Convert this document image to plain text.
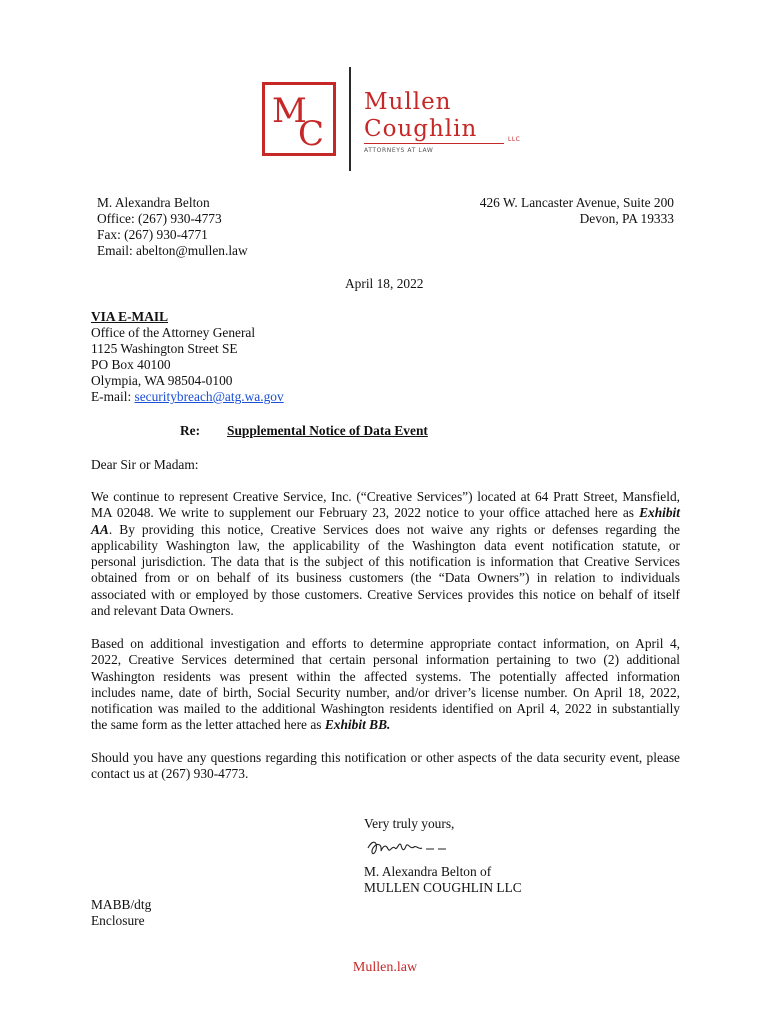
M
C
Mullen
Coughlin	LLC
ATTORNEYS AT LAW
M. Alexandra Belton
Office: (267) 930-4773
Fax: (267) 930-4771
Email: abelton@mullen.law
426 W. Lancaster Avenue, Suite 200
Devon, PA 19333
April 18, 2022
VIA E-MAIL
Office of the Attorney General
1125 Washington Street SE
PO Box 40100
Olympia, WA 98504-0100
E-mail: securitybreach@atg.wa.gov
Re: Supplemental Notice of Data Event
Dear Sir or Madam:
We continue to represent Creative Service, Inc. (“Creative Services”) located at 64 Pratt Street, Mansfield,
MA 02048. We write to supplement our February 23, 2022 notice to your office attached here as Exhibit
AA. By providing this notice, Creative Services does not waive any rights or defenses regarding the
applicability Washington law, the applicability of the Washington data event notification statute, or
personal jurisdiction. The data that is the subject of this notification is information that Creative Services
obtained from or on behalf of its business customers (the “Data Owners”) in relation to individuals
associated with or employed by those customers. Creative Services provides this notice on behalf of itself
and relevant Data Owners.
Based on additional investigation and efforts to determine appropriate contact information, on April 4,
2022, Creative Services determined that certain personal information pertaining to two (2) additional
Washington residents was present within the affected systems. The potentially affected information
includes name, date of birth, Social Security number, and/or driver’s license number. On April 18, 2022,
notification was mailed to the additional Washington residents identified on April 4, 2022 in substantially
the same form as the letter attached here as Exhibit BB.
Should you have any questions regarding this notification or other aspects of the data security event, please
contact us at (267) 930-4773.
Very truly yours,
M. Alexandra Belton of
MULLEN COUGHLIN LLC
MABB/dtg
Enclosure
Mullen.law
